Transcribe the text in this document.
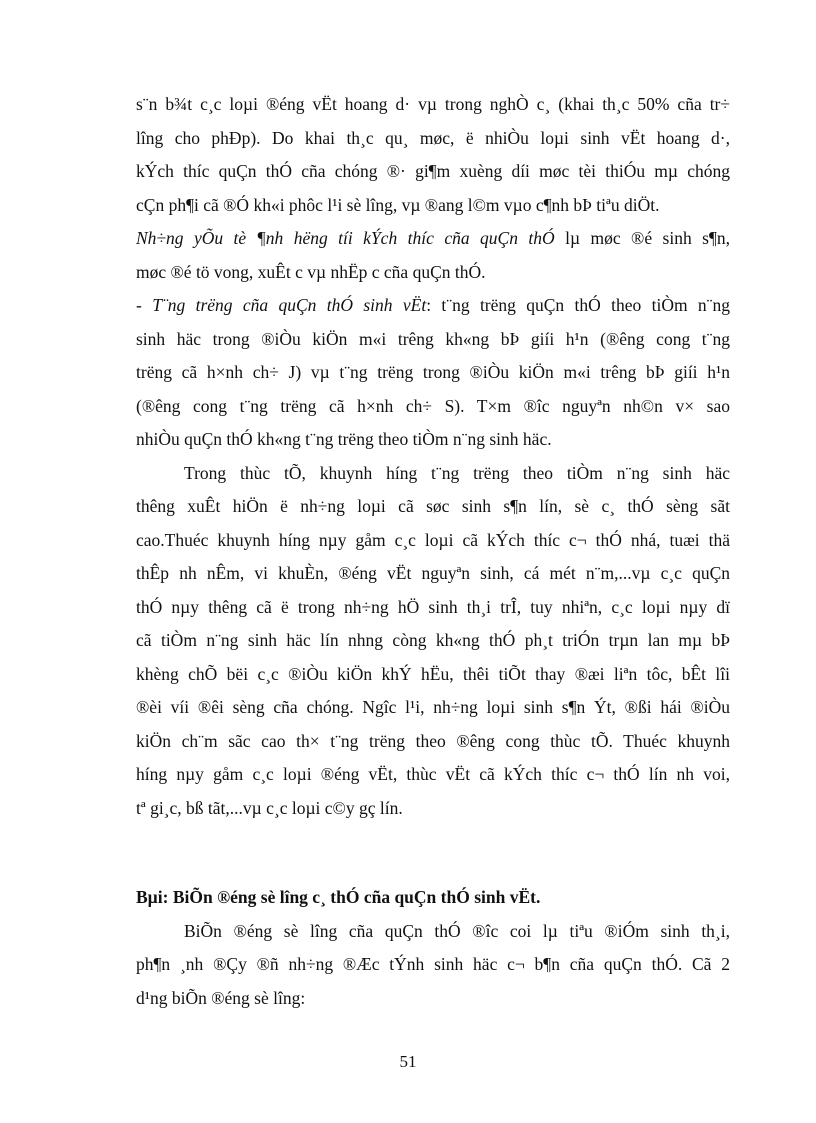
s¨n b¾t c¸c loµi ®éng vËt hoang d· vµ trong nghÒ c¸ (khai th¸c 50% cña tr÷
lîng cho phÐp). Do khai th¸c qu¸ møc, ë nhiÒu loµi sinh vËt hoang d·,
kÝch thíc quÇn thÓ cña chóng ®· gi¶m xuèng díi møc tèi thiÓu mµ chóng
cÇn ph¶i cã ®Ó kh«i phôc l¹i sè lîng, vµ ®ang l©m vµo c¶nh bÞ tiªu diÖt.
Nh÷ng yÕu tè ¶nh hëng tíi kÝch thíc cña quÇn thÓ lµ møc ®é sinh s¶n,
møc ®é tö vong, xuÊt c vµ nhËp c cña quÇn thÓ.
- T¨ng trëng cña quÇn thÓ sinh vËt: t¨ng trëng quÇn thÓ theo tiÒm n¨ng
sinh häc trong ®iÒu kiÖn m«i trêng kh«ng bÞ giíi h¹n (®êng cong t¨ng
trëng cã h×nh ch÷ J) vµ t¨ng trëng trong ®iÒu kiÖn m«i trêng bÞ giíi h¹n
(®êng cong t¨ng trëng cã h×nh ch÷ S). T×m ®îc nguyªn nh©n v× sao
nhiÒu quÇn thÓ kh«ng t¨ng trëng theo tiÒm n¨ng sinh häc.
Trong thùc tÕ, khuynh híng t¨ng trëng theo tiÒm n¨ng sinh häc
thêng xuÊt hiÖn ë nh÷ng loµi cã søc sinh s¶n lín, sè c¸ thÓ sèng sãt
cao.Thuéc khuynh híng nµy gåm c¸c loµi cã kÝch thíc c¬ thÓ nhá, tuæi thä
thÊp nh nÊm, vi khuÈn, ®éng vËt nguyªn sinh, cá mét n¨m,...vµ c¸c quÇn
thÓ nµy thêng cã ë trong nh÷ng hÖ sinh th¸i trÎ, tuy nhiªn, c¸c loµi nµy dï
cã tiÒm n¨ng sinh häc lín nhng còng kh«ng thÓ ph¸t triÓn trµn lan mµ bÞ
khèng chÕ bëi c¸c ®iÒu kiÖn khÝ hËu, thêi tiÕt thay ®æi liªn tôc, bÊt lîi
®èi víi ®êi sèng cña chóng. Ngîc l¹i, nh÷ng loµi sinh s¶n Ýt, ®ßi hái ®iÒu
kiÖn ch¨m sãc cao th× t¨ng trëng theo ®êng cong thùc tÕ. Thuéc khuynh
híng nµy gåm c¸c loµi ®éng vËt, thùc vËt cã kÝch thíc c¬ thÓ lín nh voi,
tª gi¸c, bß tãt,...vµ c¸c loµi c©y gç lín.
Bµi: BiÕn ®éng sè lîng c¸ thÓ cña quÇn thÓ sinh vËt.
BiÕn ®éng sè lîng cña quÇn thÓ ®îc coi lµ tiªu ®iÓm sinh th¸i,
ph¶n ¸nh ®Çy ®ñ nh÷ng ®Æc tÝnh sinh häc c¬ b¶n cña quÇn thÓ. Cã 2
d¹ng biÕn ®éng sè lîng:
51
